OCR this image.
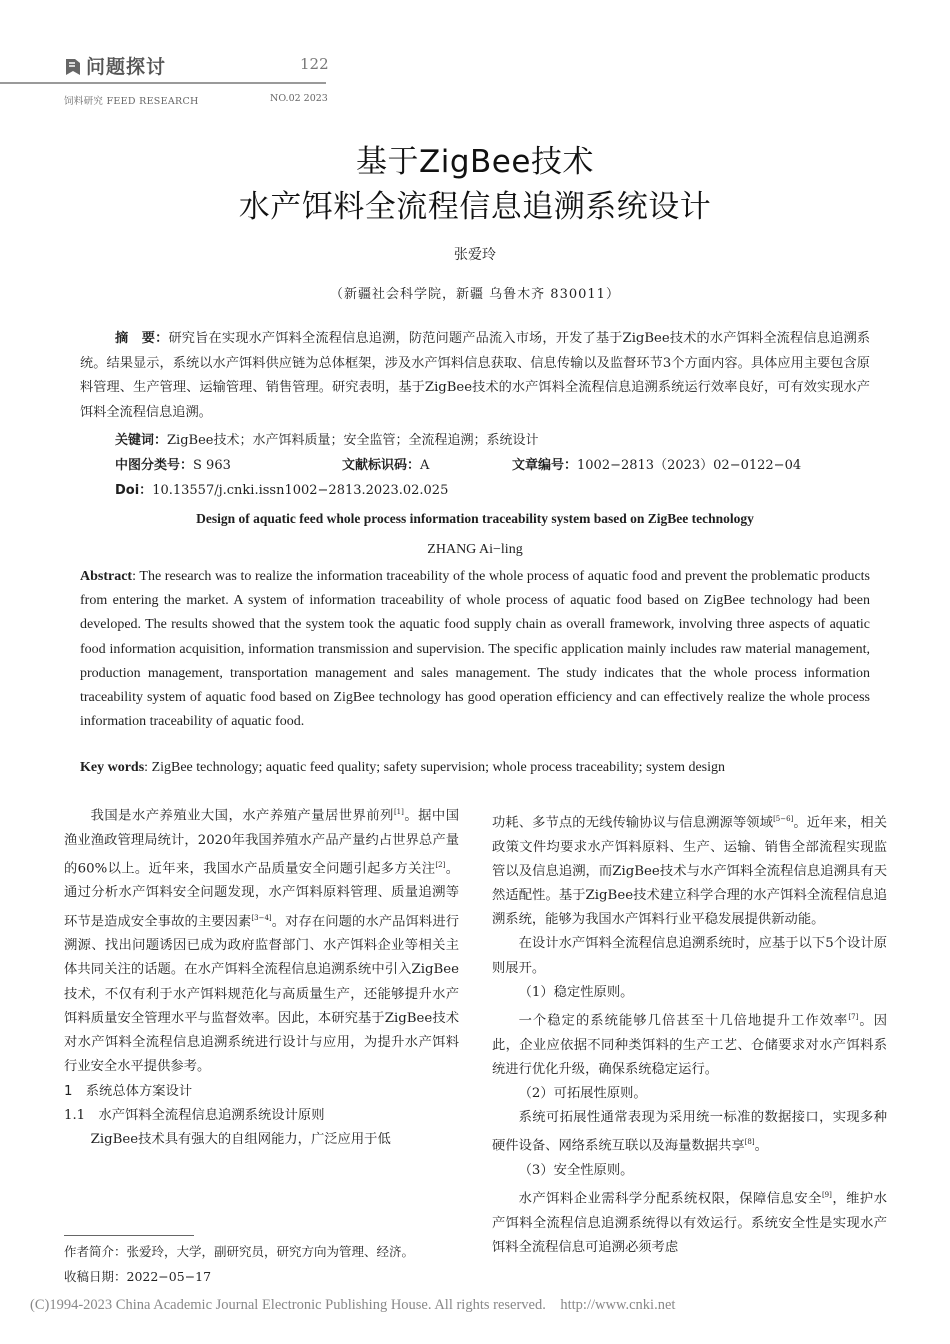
问题探讨	122
饲料研究 FEED RESEARCH	NO.02 2023
基于ZigBee技术
水产饵料全流程信息追溯系统设计
张爱玲
（新疆社会科学院，新疆 乌鲁木齐 830011）
摘　要：研究旨在实现水产饵料全流程信息追溯，防范问题产品流入市场，开发了基于ZigBee技术的水产饵料全流程信息追溯系统。结果显示，系统以水产饵料供应链为总体框架，涉及水产饵料信息获取、信息传输以及监督环节3个方面内容。具体应用主要包含原料管理、生产管理、运输管理、销售管理。研究表明，基于ZigBee技术的水产饵料全流程信息追溯系统运行效率良好，可有效实现水产饵料全流程信息追溯。
关键词：ZigBee技术；水产饵料质量；安全监管；全流程追溯；系统设计
中图分类号：S 963	文献标识码：A	文章编号：1002−2813（2023）02−0122−04
Doi：10.13557/j.cnki.issn1002−2813.2023.02.025
Design of aquatic feed whole process information traceability system based on ZigBee technology
ZHANG Ai−ling
Abstract: The research was to realize the information traceability of the whole process of aquatic food and prevent the problematic products from entering the market. A system of information traceability of whole process of aquatic food based on ZigBee technology had been developed. The results showed that the system took the aquatic food supply chain as overall framework, involving three aspects of aquatic food information acquisition, information transmission and supervision. The specific application mainly includes raw material management, production management, transportation management and sales management. The study indicates that the whole process information traceability system of aquatic food based on ZigBee technology has good operation efficiency and can effectively realize the whole process information traceability of aquatic food.
Key words: ZigBee technology; aquatic feed quality; safety supervision; whole process traceability; system design

我国是水产养殖业大国，水产养殖产量居世界前列[1]。据中国渔业渔政管理局统计，2020年我国养殖水产品产量约占世界总产量的60%以上。近年来，我国水产品质量安全问题引起多方关注[2]。通过分析水产饵料安全问题发现，水产饵料原料管理、质量追溯等环节是造成安全事故的主要因素[3−4]。对存在问题的水产品饵料进行溯源、找出问题诱因已成为政府监督部门、水产饵料企业等相关主体共同关注的话题。在水产饵料全流程信息追溯系统中引入ZigBee技术，不仅有利于水产饵料规范化与高质量生产，还能够提升水产饵料质量安全管理水平与监督效率。因此，本研究基于ZigBee技术对水产饵料全流程信息追溯系统进行设计与应用，为提升水产饵料行业安全水平提供参考。

1　系统总体方案设计

1.1　水产饵料全流程信息追溯系统设计原则

ZigBee技术具有强大的自组网能力，广泛应用于低

功耗、多节点的无线传输协议与信息溯源等领域[5−6]。近年来，相关政策文件均要求水产饵料原料、生产、运输、销售全部流程实现监管以及信息追溯，而ZigBee技术与水产饵料全流程信息追溯具有天然适配性。基于ZigBee技术建立科学合理的水产饵料全流程信息追溯系统，能够为我国水产饵料行业平稳发展提供新动能。

在设计水产饵料全流程信息追溯系统时，应基于以下5个设计原则展开。

（1）稳定性原则。

一个稳定的系统能够几倍甚至十几倍地提升工作效率[7]。因此，企业应依据不同种类饵料的生产工艺、仓储要求对水产饵料系统进行优化升级，确保系统稳定运行。

（2）可拓展性原则。

系统可拓展性通常表现为采用统一标准的数据接口，实现多种硬件设备、网络系统互联以及海量数据共享[8]。

（3）安全性原则。

水产饵料企业需科学分配系统权限，保障信息安全[9]，维护水产饵料全流程信息追溯系统得以有效运行。系统安全性是实现水产饵料全流程信息可追溯必须考虑

作者简介：张爱玲，大学，副研究员，研究方向为管理、经济。
收稿日期：2022−05−17
(C)1994-2023 China Academic Journal Electronic Publishing House. All rights reserved.    http://www.cnki.net
